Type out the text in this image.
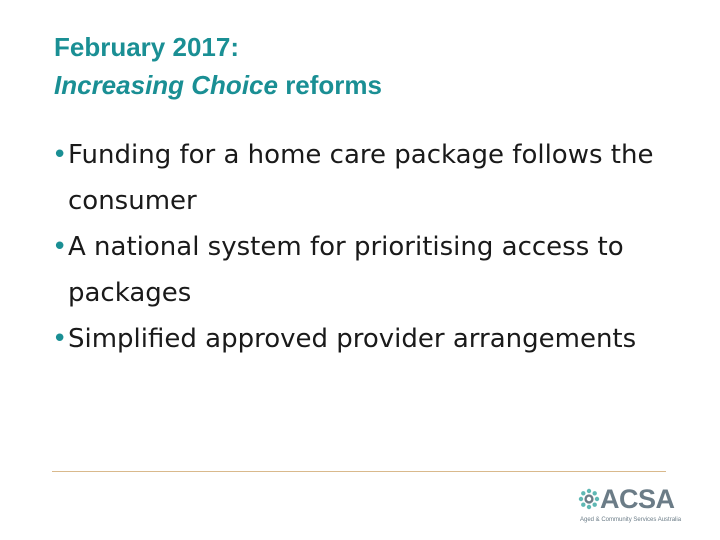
February 2017:
Increasing Choice reforms
• Funding for a home care package follows the consumer
• A national system for prioritising access to packages
• Simplified approved provider arrangements
ACSA
Aged & Community Services Australia
